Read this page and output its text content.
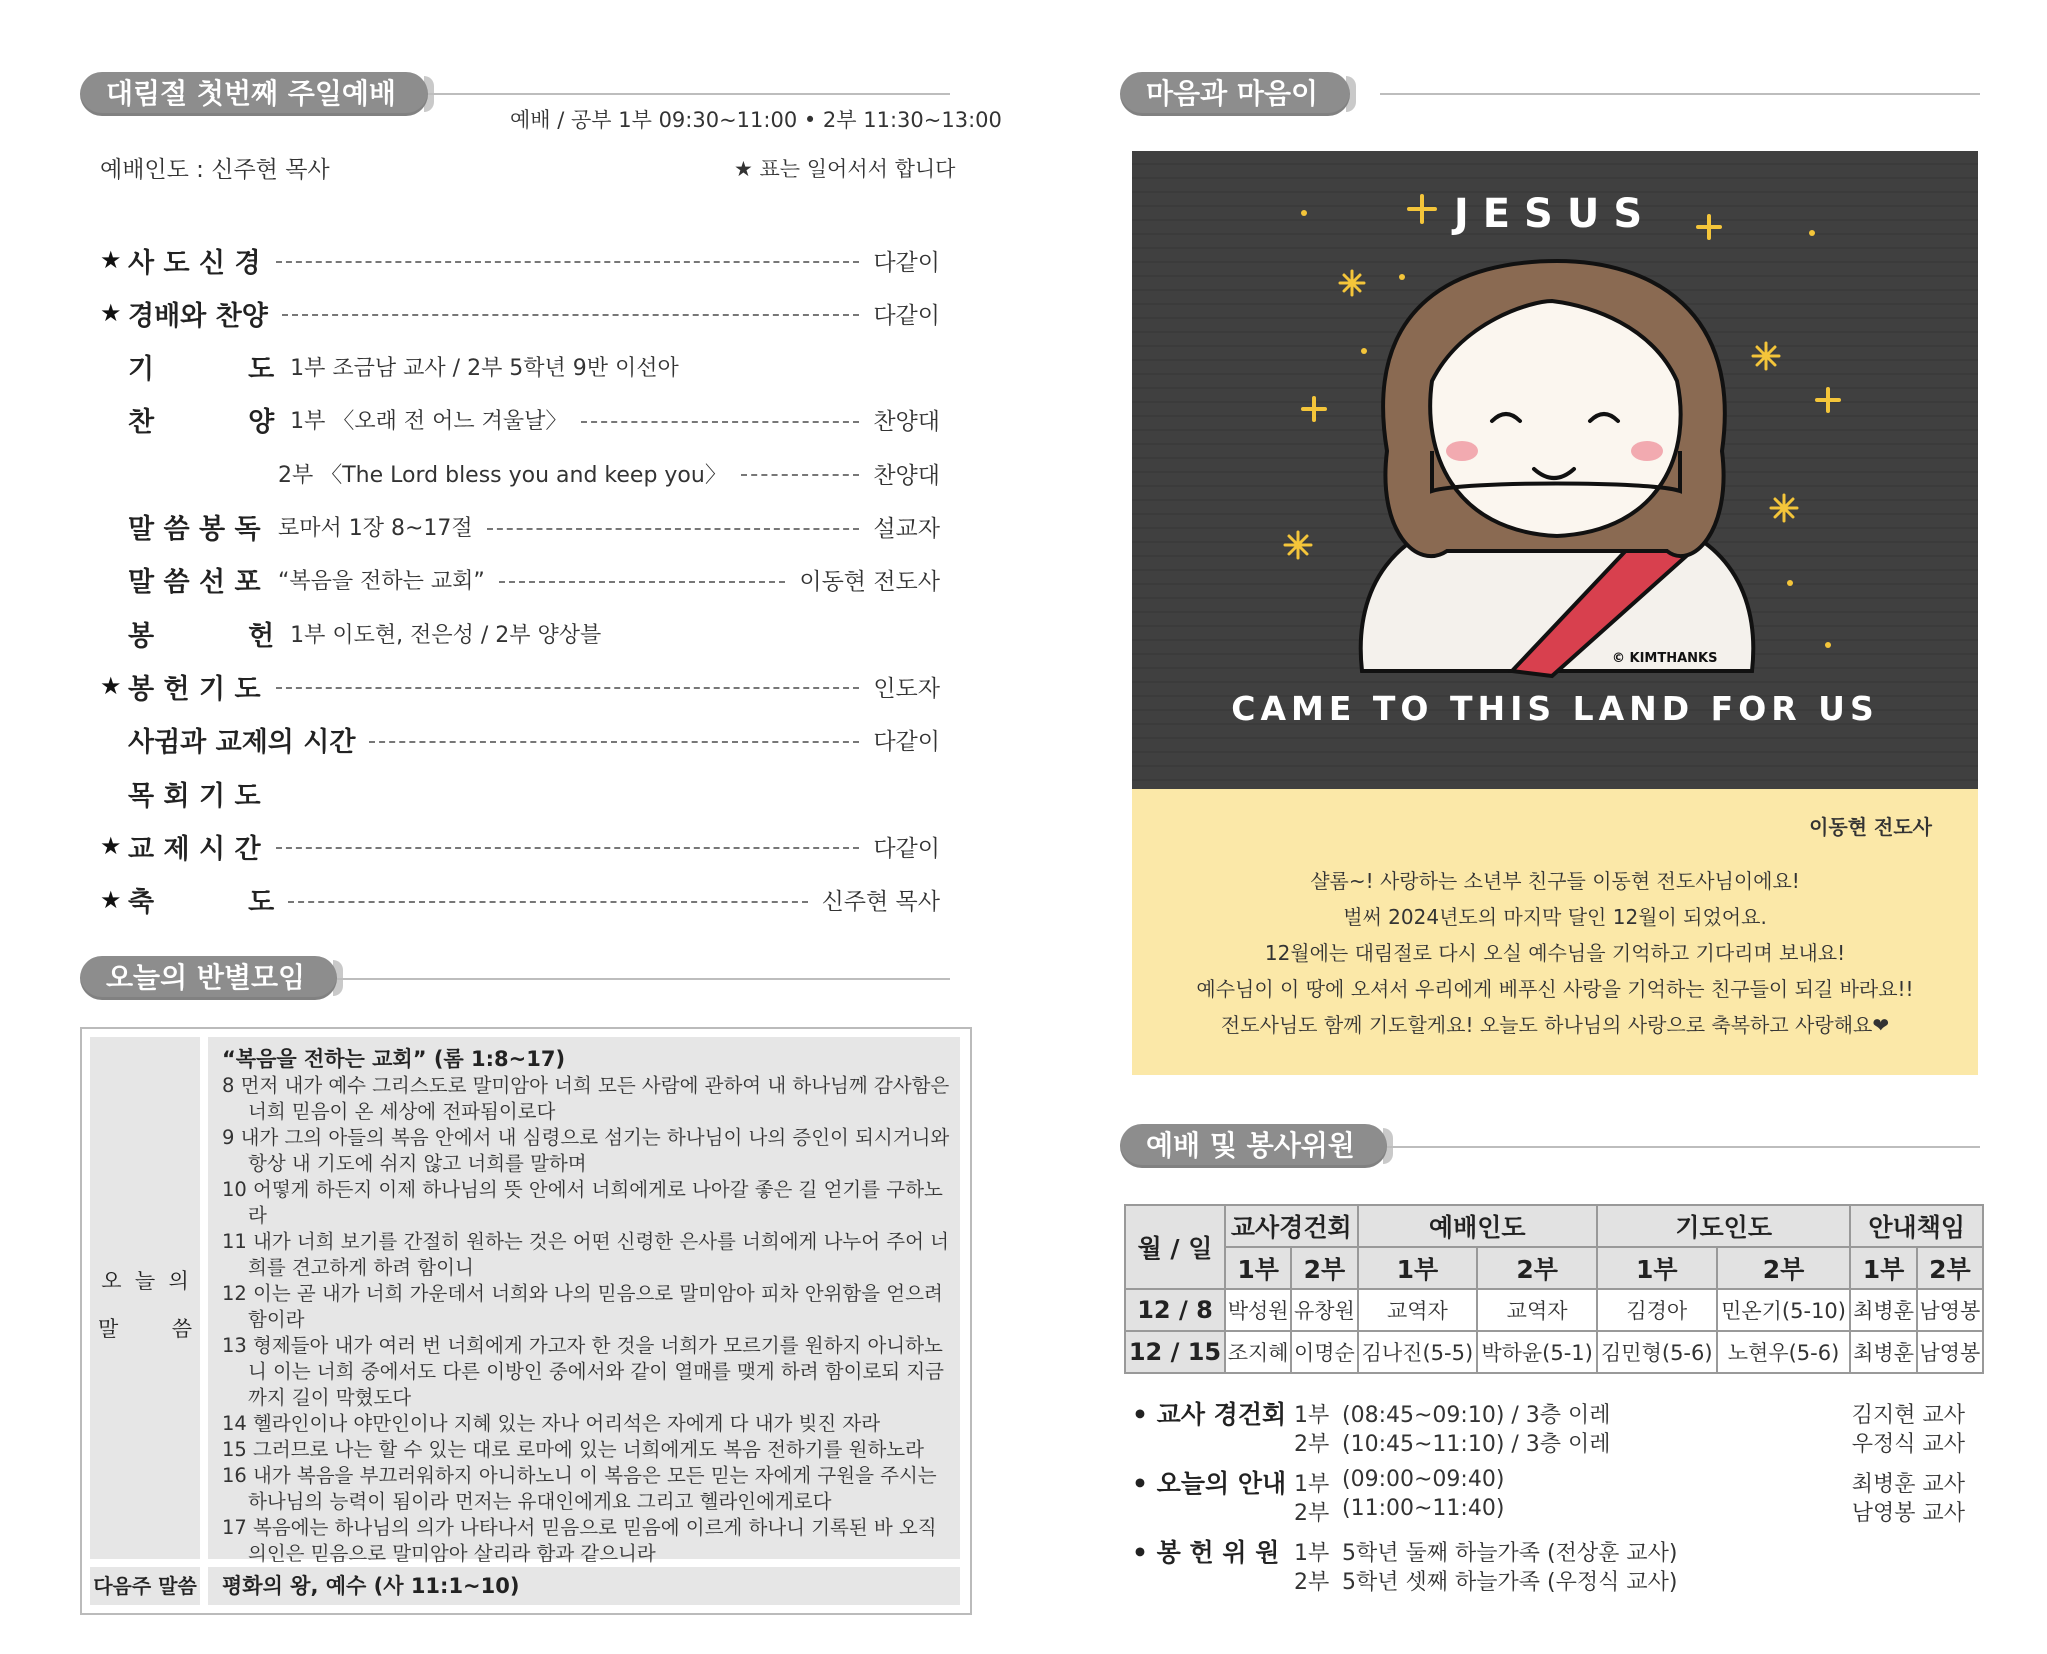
대림절 첫번째 주일예배
예배 / 공부 1부 09:30~11:00 • 2부 11:30~13:00
예배인도 : 신주현 목사	★ 표는 일어서서 합니다
★ 사 도 신 경	다같이
★ 경배와 찬양	다같이
기          도 1부 조금남 교사 / 2부 5학년 9반 이선아
찬          양 1부 〈오래 전 어느 겨울날〉	찬양대
2부 〈The Lord bless you and keep you〉	찬양대
말 씀 봉 독 로마서 1장 8~17절	설교자
말 씀 선 포 “복음을 전하는 교회”	이동현 전도사
봉          헌 1부 이도현, 전은성 / 2부 양상블
★ 봉 헌 기 도	인도자
사귐과 교제의 시간	다같이
목 회 기 도
★ 교 제 시 간	다같이
★ 축          도	신주현 목사
오늘의 반별모임
오  늘  의
말        씀
“복음을 전하는 교회” (롬 1:8~17)

8 먼저 내가 예수 그리스도로 말미암아 너희 모든 사람에 관하여 내 하나님께 감사함은 너희 믿음이 온 세상에 전파됨이로다

9 내가 그의 아들의 복음 안에서 내 심령으로 섬기는 하나님이 나의 증인이 되시거니와 항상 내 기도에 쉬지 않고 너희를 말하며

10 어떻게 하든지 이제 하나님의 뜻 안에서 너희에게로 나아갈 좋은 길 얻기를 구하노라

11 내가 너희 보기를 간절히 원하는 것은 어떤 신령한 은사를 너희에게 나누어 주어 너희를 견고하게 하려 함이니

12 이는 곧 내가 너희 가운데서 너희와 나의 믿음으로 말미암아 피차 안위함을 얻으려 함이라

13 형제들아 내가 여러 번 너희에게 가고자 한 것을 너희가 모르기를 원하지 아니하노니 이는 너희 중에서도 다른 이방인 중에서와 같이 열매를 맺게 하려 함이로되 지금까지 길이 막혔도다

14 헬라인이나 야만인이나 지혜 있는 자나 어리석은 자에게 다 내가 빚진 자라

15 그러므로 나는 할 수 있는 대로 로마에 있는 너희에게도 복음 전하기를 원하노라

16 내가 복음을 부끄러워하지 아니하노니 이 복음은 모든 믿는 자에게 구원을 주시는 하나님의 능력이 됨이라 먼저는 유대인에게요 그리고 헬라인에게로다

17 복음에는 하나님의 의가 나타나서 믿음으로 믿음에 이르게 하나니 기록된 바 오직 의인은 믿음으로 말미암아 살리라 함과 같으니라

다음주 말씀	평화의 왕, 예수 (사 11:1~10)
마음과 마음이
JESUS
CAME TO THIS LAND FOR US
© KIMTHANKS
이동현 전도사
샬롬~! 사랑하는 소년부 친구들 이동현 전도사님이에요!
벌써 2024년도의 마지막 달인 12월이 되었어요.
12월에는 대림절로 다시 오실 예수님을 기억하고 기다리며 보내요!
예수님이 이 땅에 오셔서 우리에게 베푸신 사랑을 기억하는 친구들이 되길 바라요!!
전도사님도 함께 기도할게요! 오늘도 하나님의 사랑으로 축복하고 사랑해요❤
예배 및 봉사위원
월 / 일	교사경건회		예배인도		기도인도		안내책임	
	1부	2부	1부	2부	1부	2부	1부	2부
12 / 8	박성원	유창원	교역자	교역자	김경아	민온기(5-10)	최병훈	남영봉
12 / 15	조지혜	이명순	김나진(5-5)	박하윤(5-1)	김민형(5-6)	노현우(5-6)	최병훈	남영봉
• 교사 경건회 1부 (08:45~09:10) / 3층 이레	김지현 교사
2부 (10:45~11:10) / 3층 이레	우정식 교사
• 오늘의 안내 1부 (09:00~09:40)	최병훈 교사
2부 (11:00~11:40)	남영봉 교사
• 봉 헌 위 원 1부 5학년 둘째 하늘가족 (전상훈 교사)
2부 5학년 셋째 하늘가족 (우정식 교사)
